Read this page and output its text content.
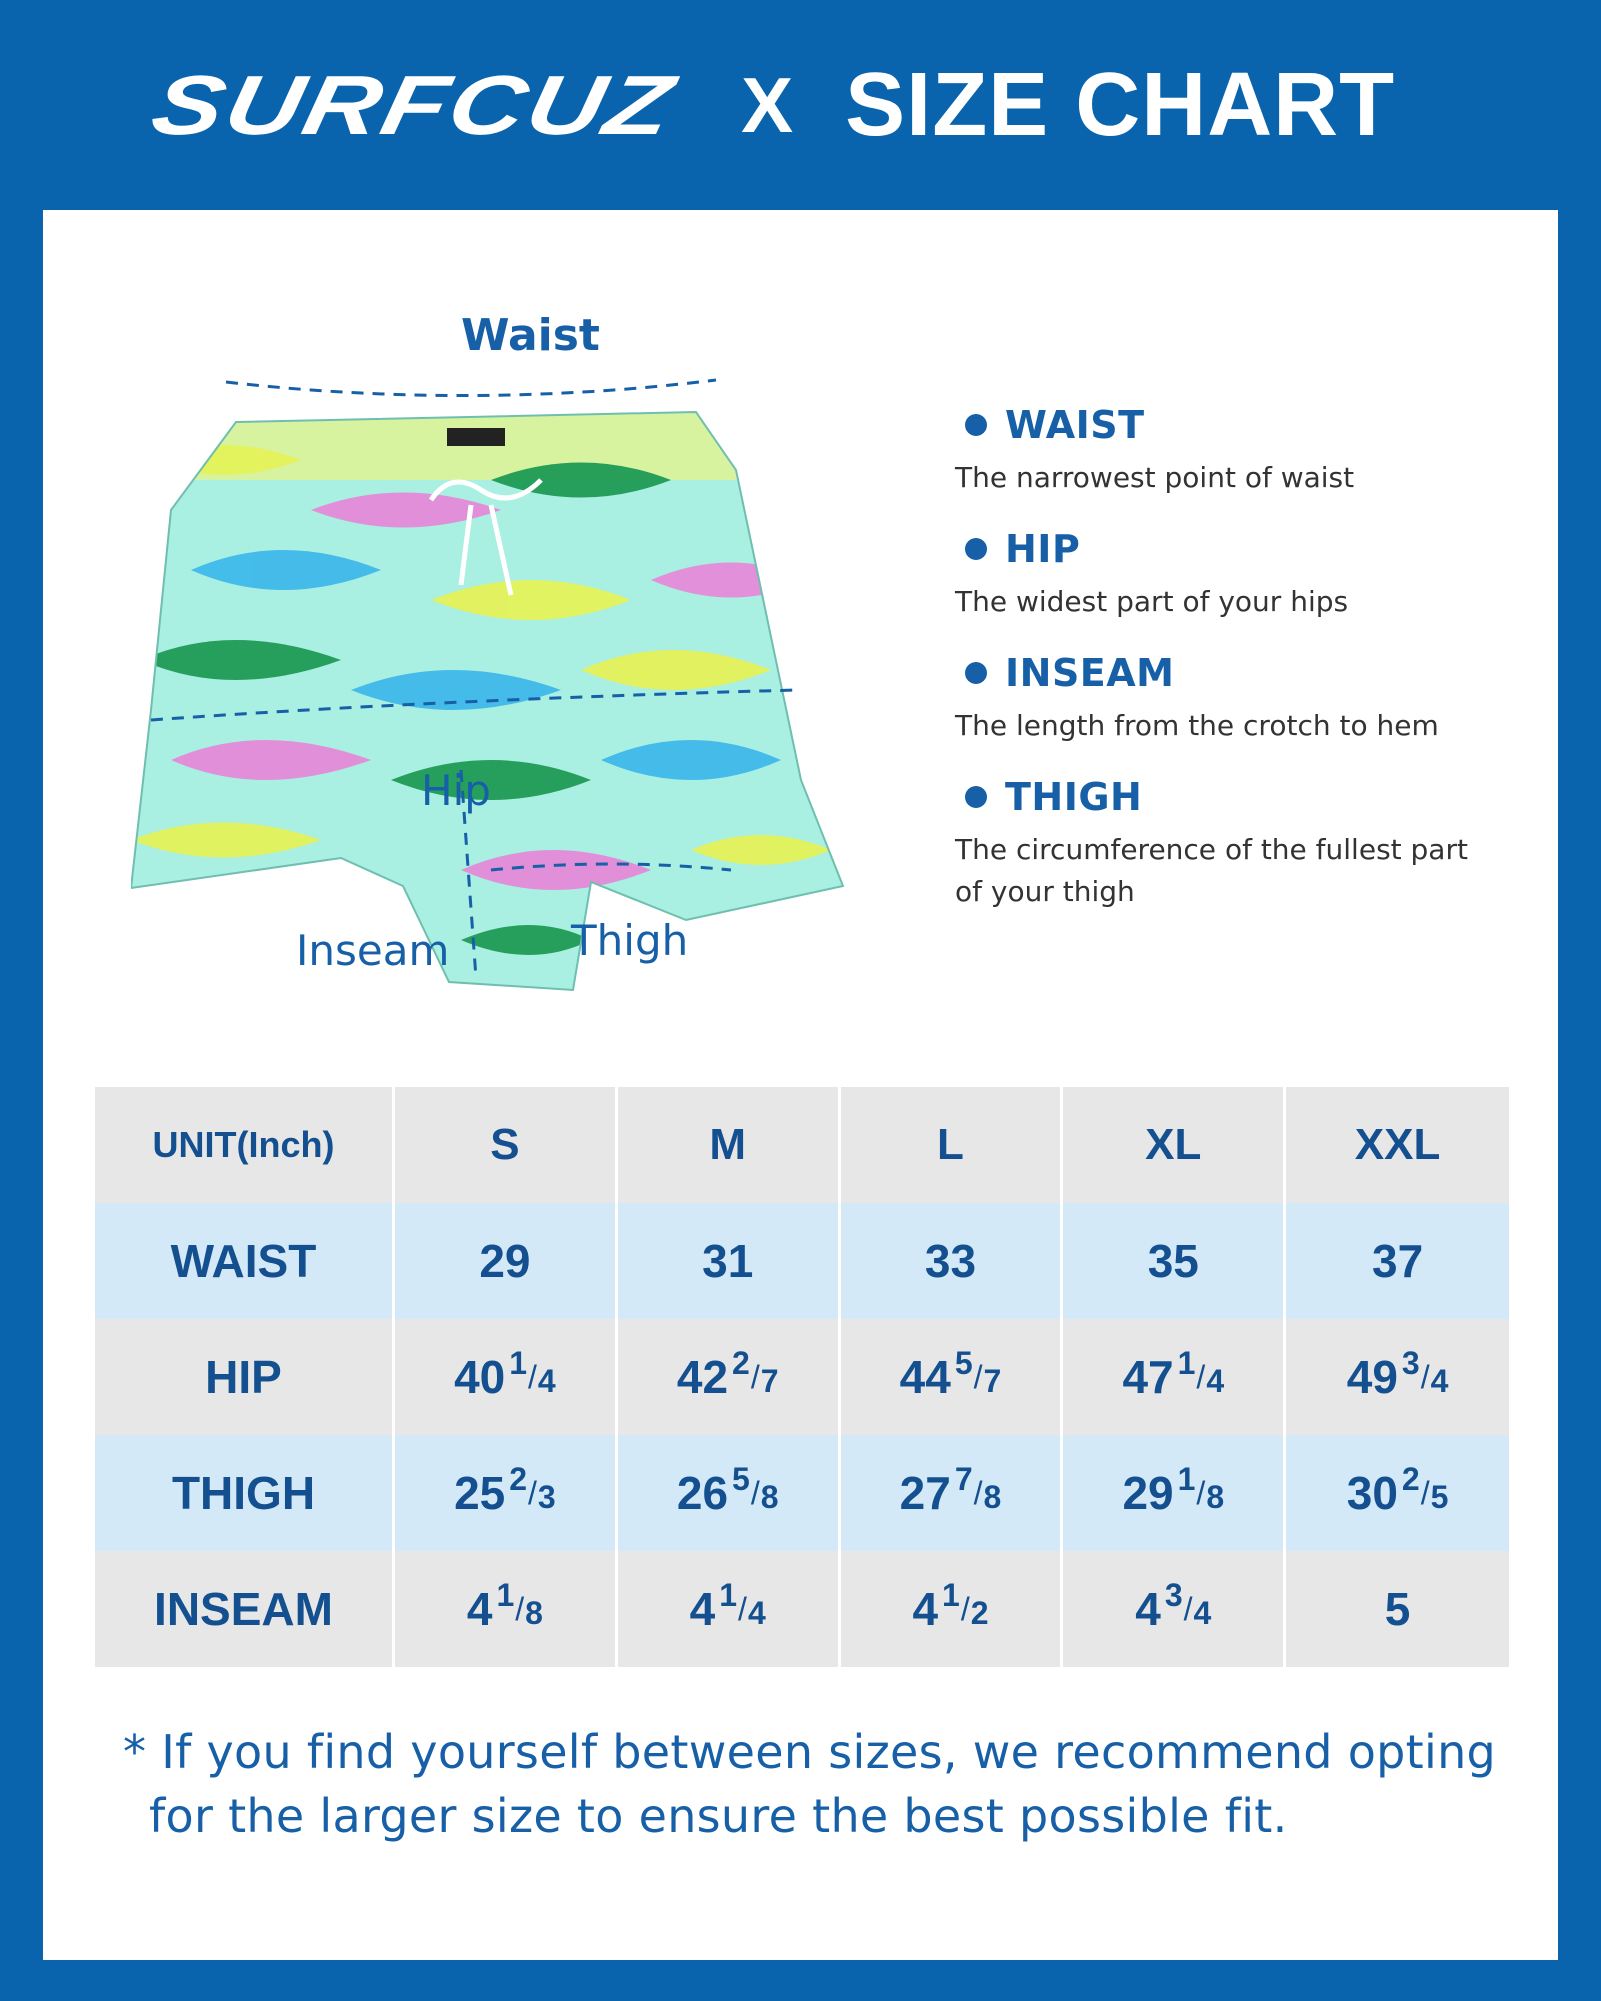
SURFCUZ X SIZE CHART
Waist
Hip
Inseam	Thigh
WAIST
The narrowest point of waist
HIP
The widest part of your hips
INSEAM
The length from the crotch to hem
THIGH
The circumference of the fullest part
of your thigh
UNIT(Inch)	S	M	L	XL	XXL
WAIST	29	31	33	35	37
HIP	40 1 / 4	42 2 / 7	44 5 / 7	47 1 / 4	49 3 / 4
THIGH	25 2 / 3	26 5 / 8	27 7 / 8	29 1 / 8	30 2 / 5
INSEAM	4 1 / 8	4 1 / 4	4 1 / 2	4 3 / 4	5
* If you find yourself between sizes, we recommend opting
for the larger size to ensure the best possible fit.
